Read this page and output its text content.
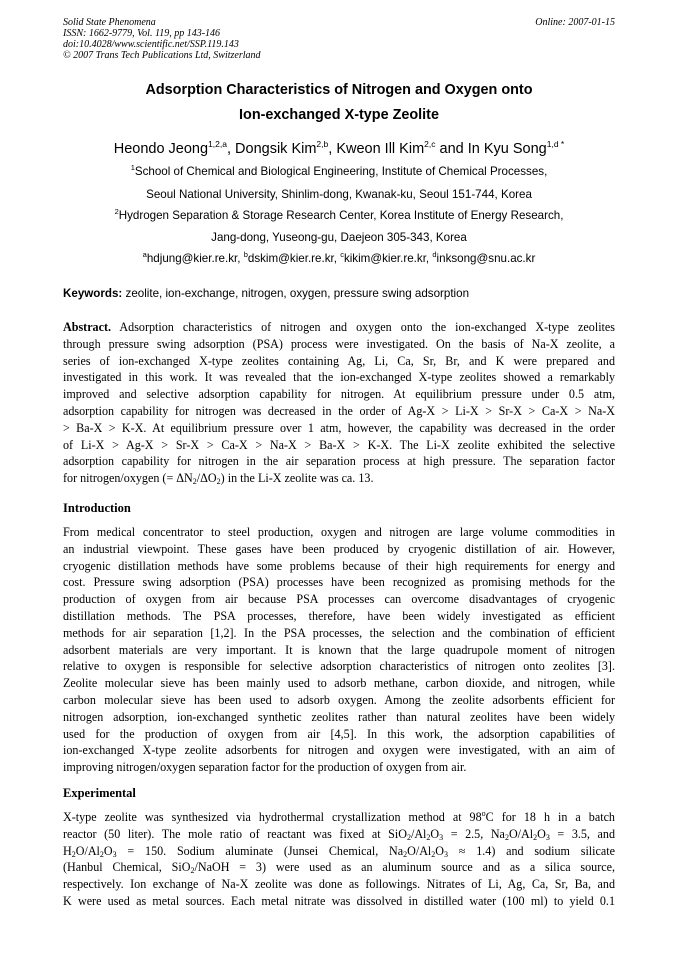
Solid State Phenomena
ISSN: 1662-9779, Vol. 119, pp 143-146
doi:10.4028/www.scientific.net/SSP.119.143
© 2007 Trans Tech Publications Ltd, Switzerland
Online: 2007-01-15
Adsorption Characteristics of Nitrogen and Oxygen onto
Ion-exchanged X-type Zeolite
Heondo Jeong$^{1,2,a}$, Dongsik Kim$^{2,b}$, Kweon Ill Kim$^{2,c}$ and In Kyu Song$^{1,d *}$
$^1$School of Chemical and Biological Engineering, Institute of Chemical Processes,
Seoul National University, Shinlim-dong, Kwanak-ku, Seoul 151-744, Korea
$^2$Hydrogen Separation & Storage Research Center, Korea Institute of Energy Research,
Jang-dong, Yuseong-gu, Daejeon 305-343, Korea
$^a$hdjung@kier.re.kr, $^b$dskim@kier.re.kr, $^c$kikim@kier.re.kr, $^d$inksong@snu.ac.kr
Keywords: zeolite, ion-exchange, nitrogen, oxygen, pressure swing adsorption
Abstract. Adsorption characteristics of nitrogen and oxygen onto the ion-exchanged X-type zeolites
through pressure swing adsorption (PSA) process were investigated. On the basis of Na-X zeolite, a
series of ion-exchanged X-type zeolites containing Ag, Li, Ca, Sr, Br, and K were prepared and
investigated in this work. It was revealed that the ion-exchanged X-type zeolites showed a remarkably
improved and selective adsorption capability for nitrogen. At equilibrium pressure under 0.5 atm,
adsorption capability for nitrogen was decreased in the order of Ag-X > Li-X > Sr-X > Ca-X > Na-X
> Ba-X > K-X. At equilibrium pressure over 1 atm, however, the capability was decreased in the order
of Li-X > Ag-X > Sr-X > Ca-X > Na-X > Ba-X > K-X. The Li-X zeolite exhibited the selective
adsorption capability for nitrogen in the air separation process at high pressure. The separation factor
for nitrogen/oxygen (= $\Delta N_2/\Delta O_2$) in the Li-X zeolite was ca. 13.
Introduction
From medical concentrator to steel production, oxygen and nitrogen are large volume commodities in
an industrial viewpoint. These gases have been produced by cryogenic distillation of air. However,
cryogenic distillation methods have some problems because of their high requirements for energy and
cost. Pressure swing adsorption (PSA) processes have been recognized as promising methods for the
production of oxygen from air because PSA processes can overcome disadvantages of cryogenic
distillation methods. The PSA processes, therefore, have been widely investigated as efficient
methods for air separation [1,2]. In the PSA processes, the selection and the combination of efficient
adsorbent materials are very important. It is known that the large quadrupole moment of nitrogen
relative to oxygen is responsible for selective adsorption characteristics of nitrogen onto zeolites [3].
Zeolite molecular sieve has been mainly used to adsorb methane, carbon dioxide, and nitrogen, while
carbon molecular sieve has been used to adsorb oxygen. Among the zeolite adsorbents efficient for
nitrogen adsorption, ion-exchanged synthetic zeolites rather than natural zeolites have been widely
used for the production of oxygen from air [4,5]. In this work, the adsorption capabilities of
ion-exchanged X-type zeolite adsorbents for nitrogen and oxygen were investigated, with an aim of
improving nitrogen/oxygen separation factor for the production of oxygen from air.
Experimental
X-type zeolite was synthesized via hydrothermal crystallization method at 98$^o$C for 18 h in a batch
reactor (50 liter). The mole ratio of reactant was fixed at $SiO_2/Al_2O_3 = 2.5$, $Na_2O/Al_2O_3 = 3.5$, and
$H_2O/Al_2O_3 = 150$. Sodium aluminate (Junsei Chemical, $Na_2O/Al_2O_3 \approx 1.4$) and sodium silicate
(Hanbul Chemical, SiO$_2$/NaOH = 3) were used as an aluminum source and as a silica source,
respectively. Ion exchange of Na-X zeolite was done as followings. Nitrates of Li, Ag, Ca, Sr, Ba, and
K were used as metal sources. Each metal nitrate was dissolved in distilled water (100 ml) to yield 0.1
